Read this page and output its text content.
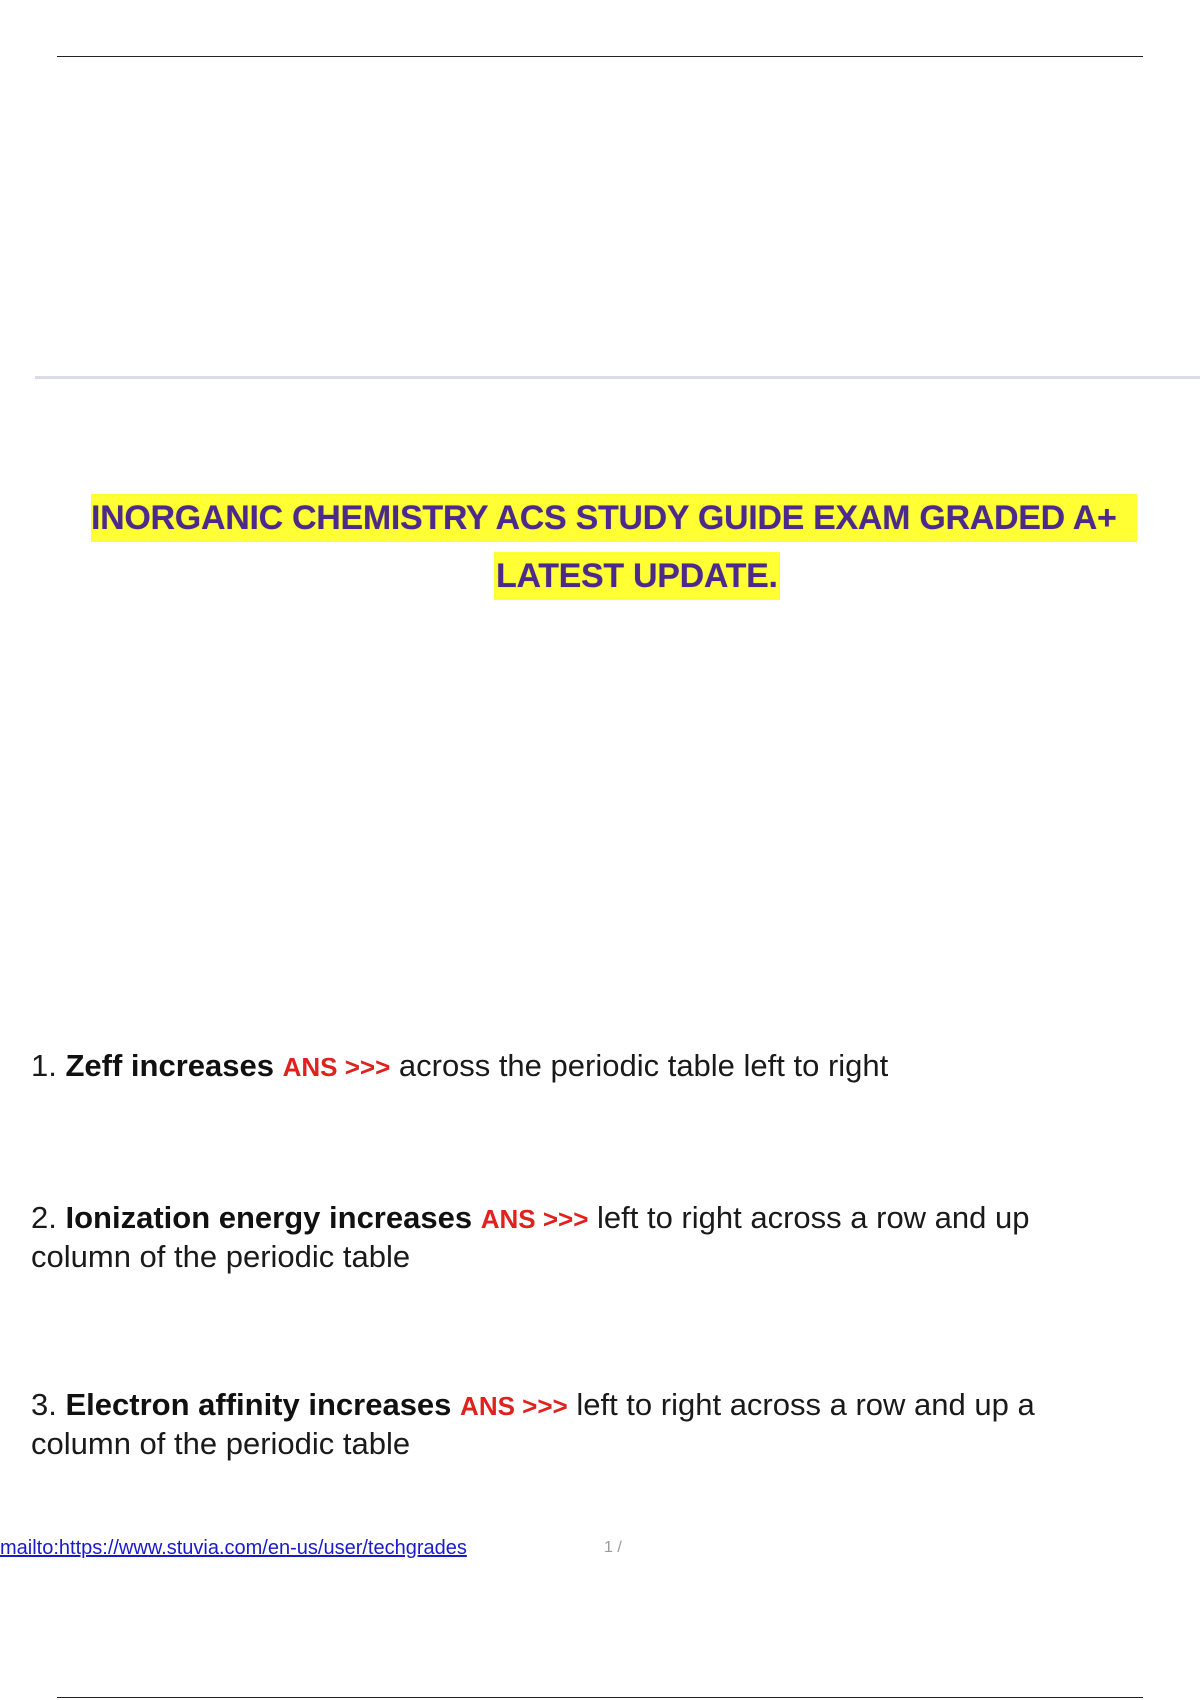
INORGANIC CHEMISTRY ACS STUDY GUIDE EXAM GRADED A+
LATEST UPDATE.
1. Zeff increases ANS >>> across the periodic table left to right
2. Ionization energy increases ANS >>> left to right across a row and up column of the periodic table
3. Electron affinity increases ANS >>> left to right across a row and up a column of the periodic table
mailto:https://www.stuvia.com/en-us/user/techgrades	1 /
